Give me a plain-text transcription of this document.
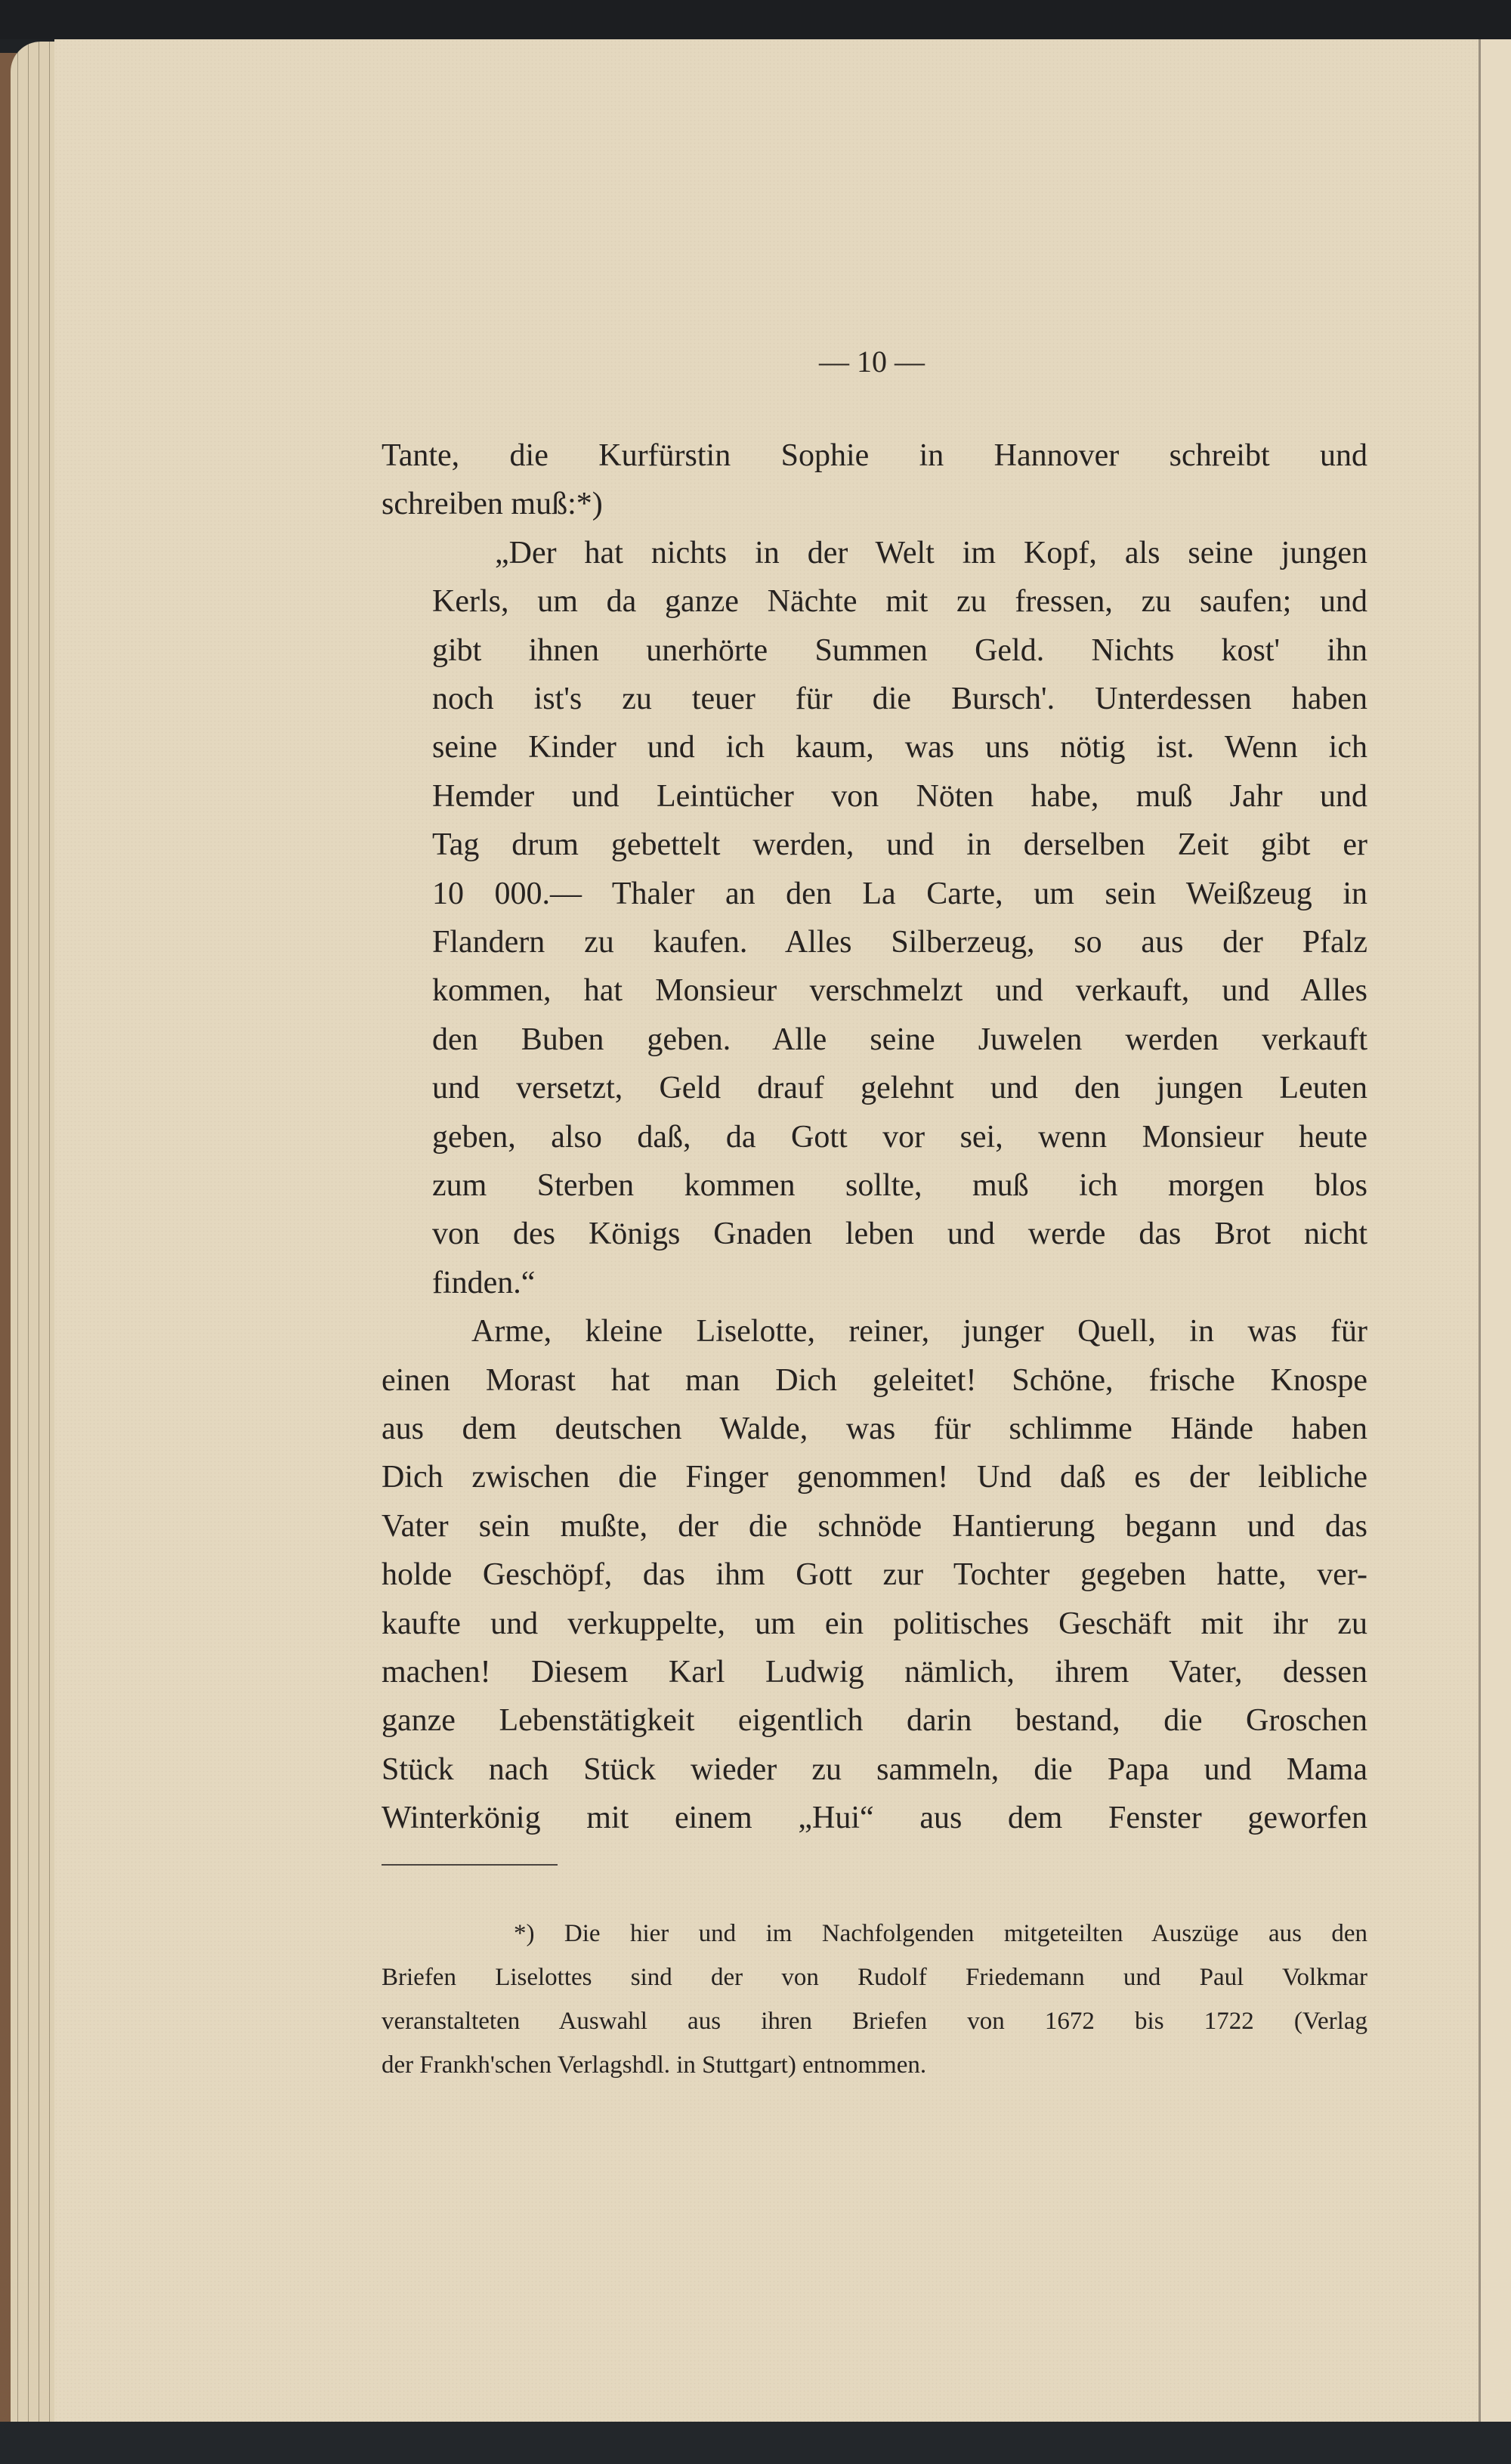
— 10 —
Tante, die Kurfürstin Sophie in Hannover schreibt und
schreiben muß:*)
„Der hat nichts in der Welt im Kopf, als seine jungen
Kerls, um da ganze Nächte mit zu fressen, zu saufen; und
gibt ihnen unerhörte Summen Geld. Nichts kost' ihn
noch ist's zu teuer für die Bursch'. Unterdessen haben
seine Kinder und ich kaum, was uns nötig ist. Wenn ich
Hemder und Leintücher von Nöten habe, muß Jahr und
Tag drum gebettelt werden, und in derselben Zeit gibt er
10 000.— Thaler an den La Carte, um sein Weißzeug in
Flandern zu kaufen. Alles Silberzeug, so aus der Pfalz
kommen, hat Monsieur verschmelzt und verkauft, und Alles
den Buben geben. Alle seine Juwelen werden verkauft
und versetzt, Geld drauf gelehnt und den jungen Leuten
geben, also daß, da Gott vor sei, wenn Monsieur heute
zum Sterben kommen sollte, muß ich morgen blos
von des Königs Gnaden leben und werde das Brot nicht
finden.“
Arme, kleine Liselotte, reiner, junger Quell, in was für
einen Morast hat man Dich geleitet! Schöne, frische Knospe
aus dem deutschen Walde, was für schlimme Hände haben
Dich zwischen die Finger genommen! Und daß es der leibliche
Vater sein mußte, der die schnöde Hantierung begann und das
holde Geschöpf, das ihm Gott zur Tochter gegeben hatte, ver-
kaufte und verkuppelte, um ein politisches Geschäft mit ihr zu
machen! Diesem Karl Ludwig nämlich, ihrem Vater, dessen
ganze Lebenstätigkeit eigentlich darin bestand, die Groschen
Stück nach Stück wieder zu sammeln, die Papa und Mama
Winterkönig mit einem „Hui“ aus dem Fenster geworfen
*) Die hier und im Nachfolgenden mitgeteilten Auszüge aus den
Briefen Liselottes sind der von Rudolf Friedemann und Paul Volkmar
veranstalteten Auswahl aus ihren Briefen von 1672 bis 1722 (Verlag
der Frankh'schen Verlagshdl. in Stuttgart) entnommen.
